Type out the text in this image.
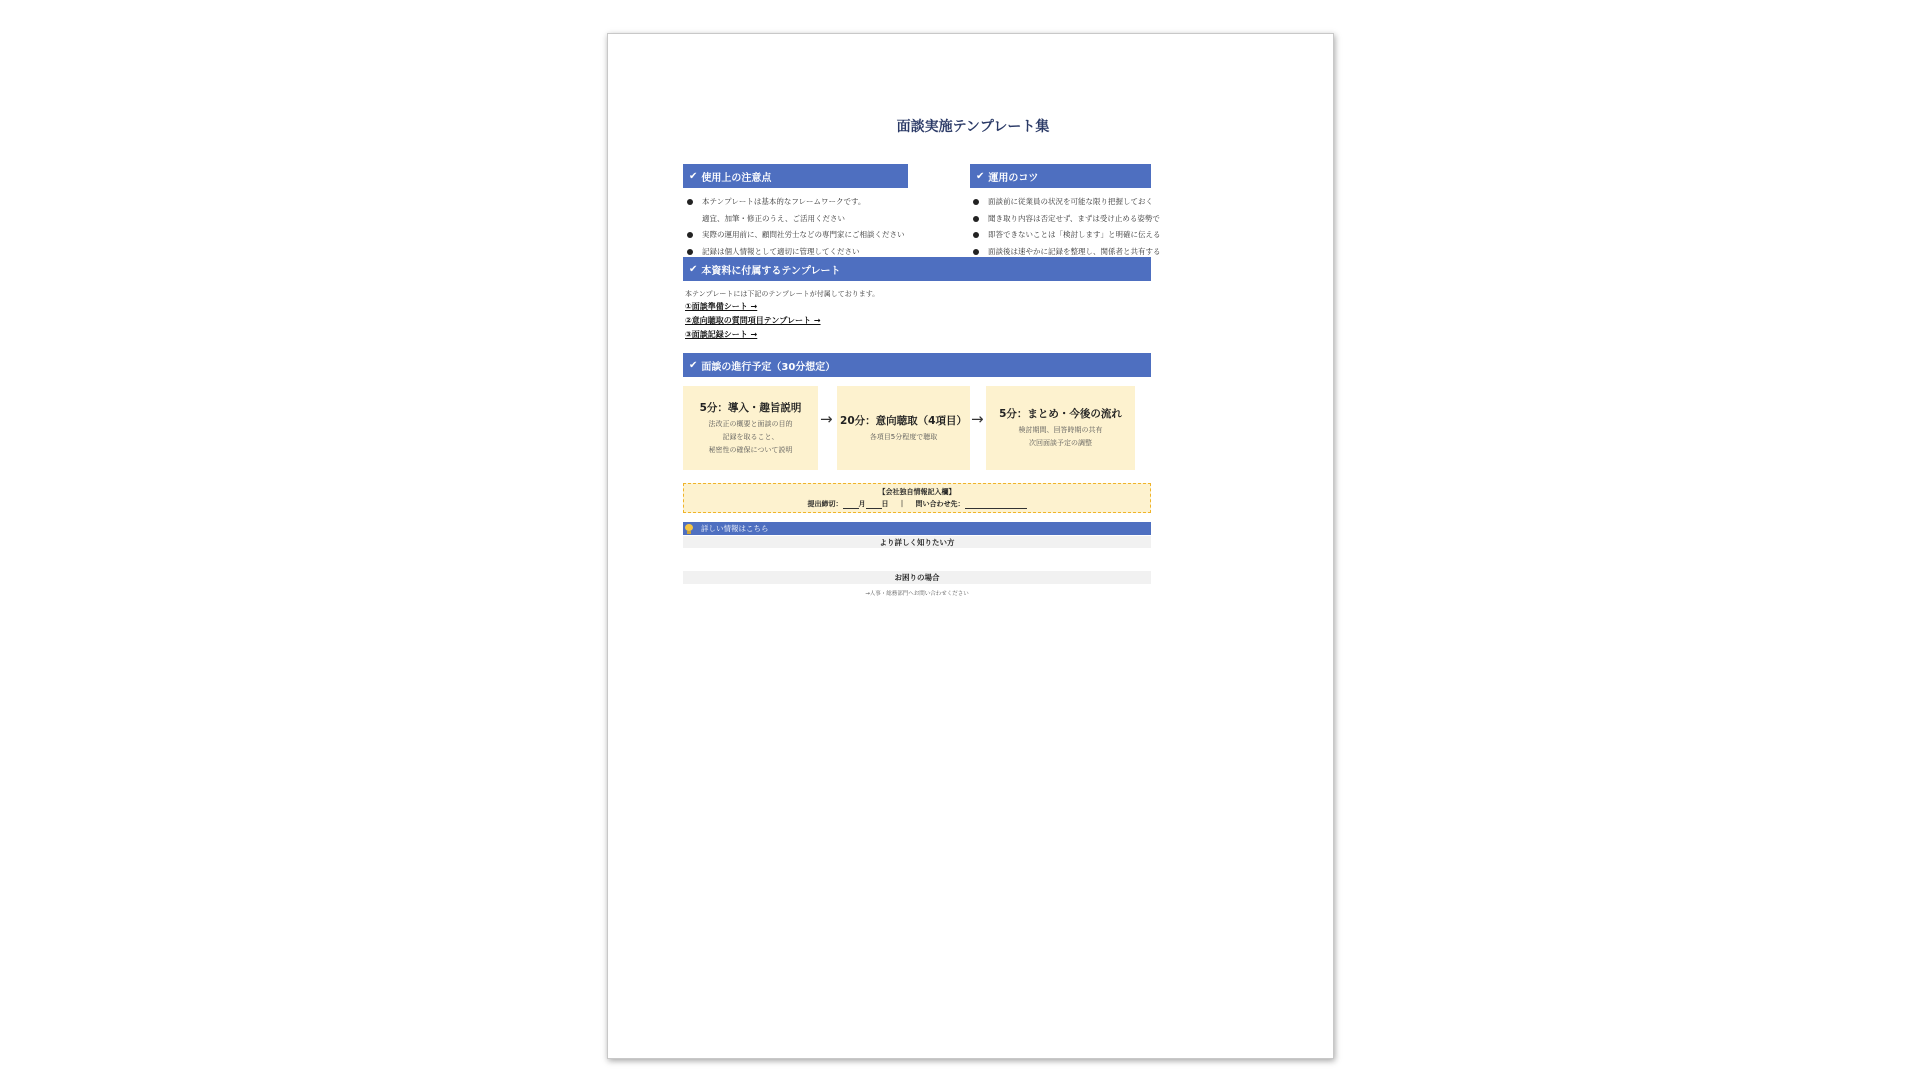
面談実施テンプレート集
✔ 使用上の注意点
本テンプレートは基本的なフレームワークです。
適宜、加筆・修正のうえ、ご活用ください
実際の運用前に、顧問社労士などの専門家にご相談ください
記録は個人情報として適切に管理してください
✔ 運用のコツ
面談前に従業員の状況を可能な限り把握しておく
聞き取り内容は否定せず、まずは受け止める姿勢で
即答できないことは「検討します」と明確に伝える
面談後は速やかに記録を整理し、関係者と共有する
✔ 本資料に付属するテンプレート
本テンプレートには下記のテンプレートが付属しております。
①面談準備シート →
②意向聴取の質問項目テンプレート →
③面談記録シート →
✔ 面談の進行予定（30分想定）
5分：導入・趣旨説明
法改正の概要と面談の目的
記録を取ること、
秘密性の確保について説明
→ 20分：意向聴取（4項目）
各項目5分程度で聴取
→ 5分：まとめ・今後の流れ
検討期間、回答時期の共有
次回面談予定の調整
【会社独自情報記入欄】
提出締切： 月 日 ｜ 問い合わせ先：
詳しい情報はこちら
より詳しく知りたい方
お困りの場合
→人事・総務部門へお問い合わせください
